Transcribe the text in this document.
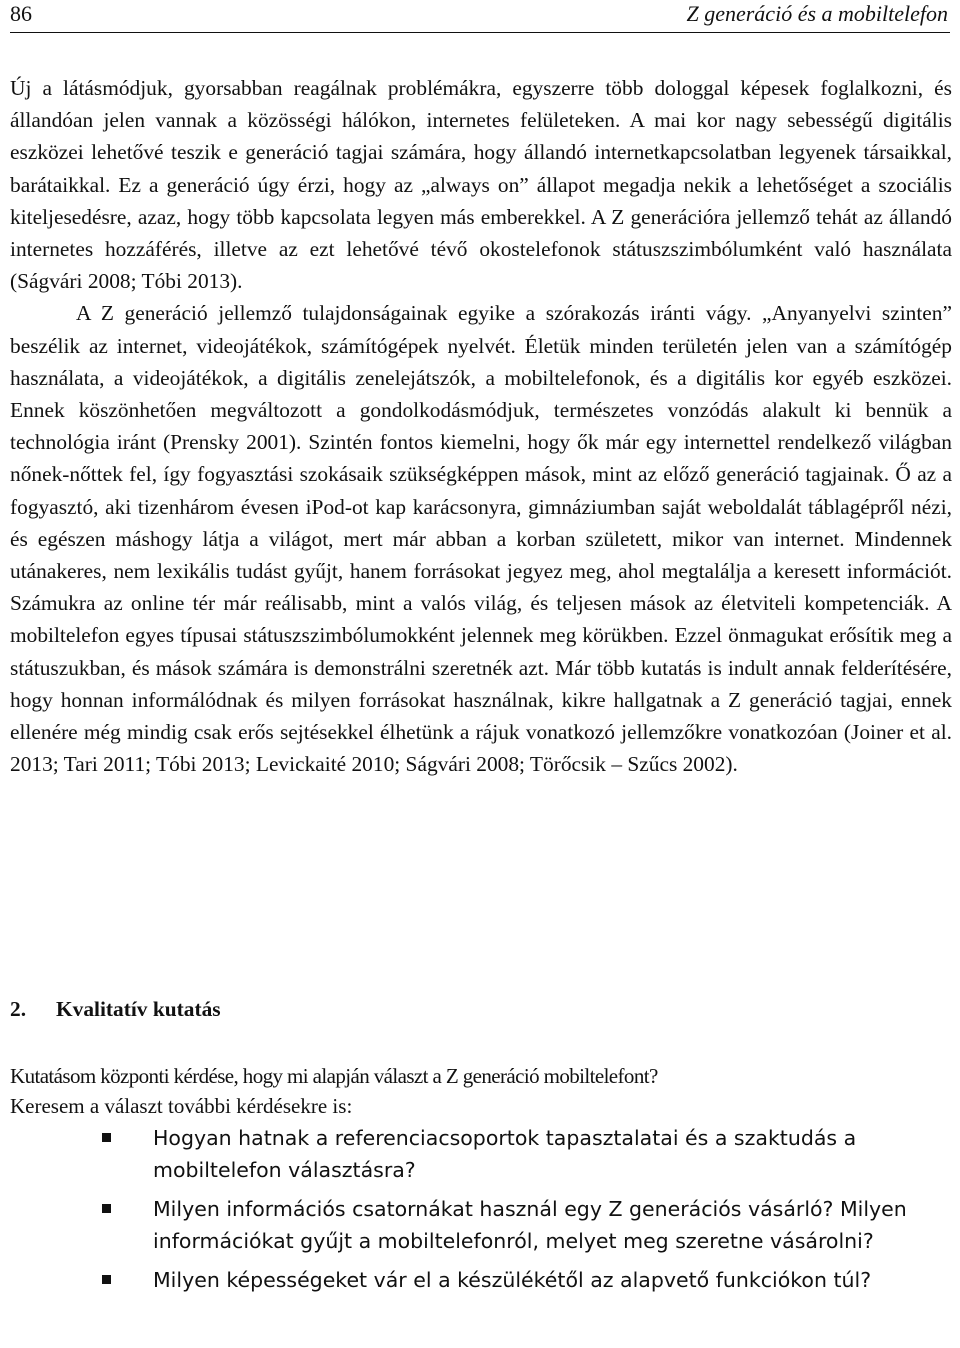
86	Z generáció és a mobiltelefon

Új a látásmódjuk, gyorsabban reagálnak problémákra, egyszerre több dologgal képesek foglalkozni, és állandóan jelen vannak a közösségi hálókon, internetes felületeken. A mai kor nagy sebességű digitális eszközei lehetővé teszik e generáció tagjai számára, hogy állandó internetkapcsolatban legyenek társaikkal, barátaikkal. Ez a generáció úgy érzi, hogy az „always on” állapot megadja nekik a lehetőséget a szociális kiteljesedésre, azaz, hogy több kapcsolata legyen más emberekkel. A Z generációra jellemző tehát az állandó internetes hozzáférés, illetve az ezt lehetővé tévő okostelefonok státuszszimbólumként való használata (Ságvári 2008; Tóbi 2013).

A Z generáció jellemző tulajdonságainak egyike a szórakozás iránti vágy. „Anyanyelvi szinten” beszélik az internet, videojátékok, számítógépek nyelvét. Életük minden területén jelen van a számítógép használata, a videojátékok, a digitális zenelejátszók, a mobiltelefonok, és a digitális kor egyéb eszközei. Ennek köszönhetően megváltozott a gondolkodásmódjuk, természetes vonzódás alakult ki bennük a technológia iránt (Prensky 2001). Szintén fontos kiemelni, hogy ők már egy internettel rendelkező világban nőnek-nőttek fel, így fogyasztási szokásaik szükségképpen mások, mint az előző generáció tagjainak. Ő az a fogyasztó, aki tizenhárom évesen iPod-ot kap karácsonyra, gimnáziumban saját weboldalát táblagépről nézi, és egészen máshogy látja a világot, mert már abban a korban született, mikor van internet. Mindennek utánakeres, nem lexikális tudást gyűjt, hanem forrásokat jegyez meg, ahol megtalálja a keresett információt. Számukra az online tér már reálisabb, mint a valós világ, és teljesen mások az életviteli kompetenciák. A mobiltelefon egyes típusai státuszszimbólumokként jelennek meg körükben. Ezzel önmagukat erősítik meg a státuszukban, és mások számára is demonstrálni szeretnék azt. Már több kutatás is indult annak felderítésére, hogy honnan informálódnak és milyen forrásokat használnak, kikre hallgatnak a Z generáció tagjai, ennek ellenére még mindig csak erős sejtésekkel élhetünk a rájuk vonatkozó jellemzőkre vonatkozóan (Joiner et al. 2013; Tari 2011; Tóbi 2013; Levickaité 2010; Ságvári 2008; Törőcsik – Szűcs 2002).

2. Kvalitatív kutatás
Kutatásom központi kérdése, hogy mi alapján választ a Z generáció mobiltelefont?
Keresem a választ további kérdésekre is:
Hogyan hatnak a referenciacsoportok tapasztalatai és a szaktudás a mobiltelefon választásra?
Milyen információs csatornákat használ egy Z generációs vásárló? Milyen információkat gyűjt a mobiltelefonról, melyet meg szeretne vásárolni?
Milyen képességeket vár el a készülékétől az alapvető funkciókon túl?
